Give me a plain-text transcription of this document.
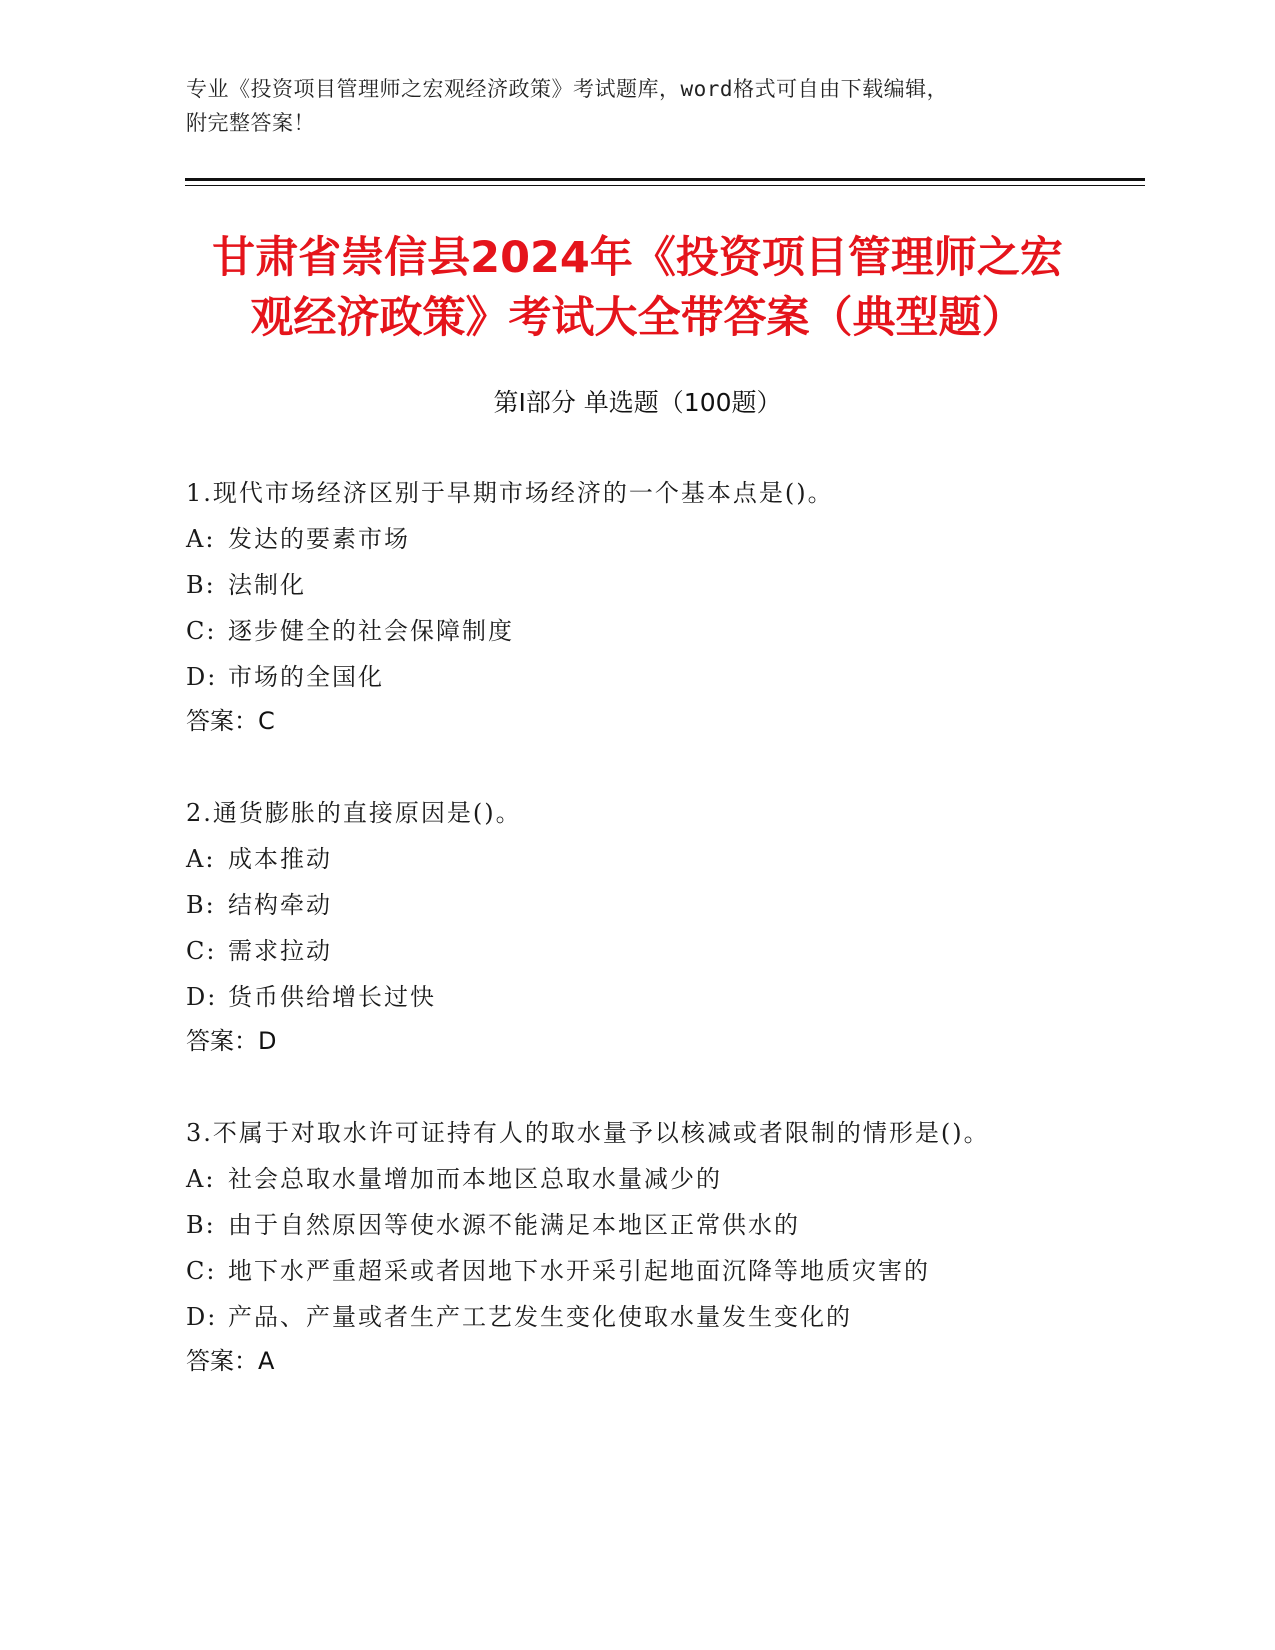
专业《投资项目管理师之宏观经济政策》考试题库，word格式可自由下载编辑，
附完整答案！
甘肃省崇信县2024年《投资项目管理师之宏
观经济政策》考试大全带答案（典型题）
第Ⅰ部分 单选题（100题）
1.现代市场经济区别于早期市场经济的一个基本点是()。
A: 发达的要素市场
B: 法制化
C: 逐步健全的社会保障制度
D: 市场的全国化
答案：C
2.通货膨胀的直接原因是()。
A: 成本推动
B: 结构牵动
C: 需求拉动
D: 货币供给增长过快
答案：D
3.不属于对取水许可证持有人的取水量予以核减或者限制的情形是()。
A: 社会总取水量增加而本地区总取水量减少的
B: 由于自然原因等使水源不能满足本地区正常供水的
C: 地下水严重超采或者因地下水开采引起地面沉降等地质灾害的
D: 产品、产量或者生产工艺发生变化使取水量发生变化的
答案：A
